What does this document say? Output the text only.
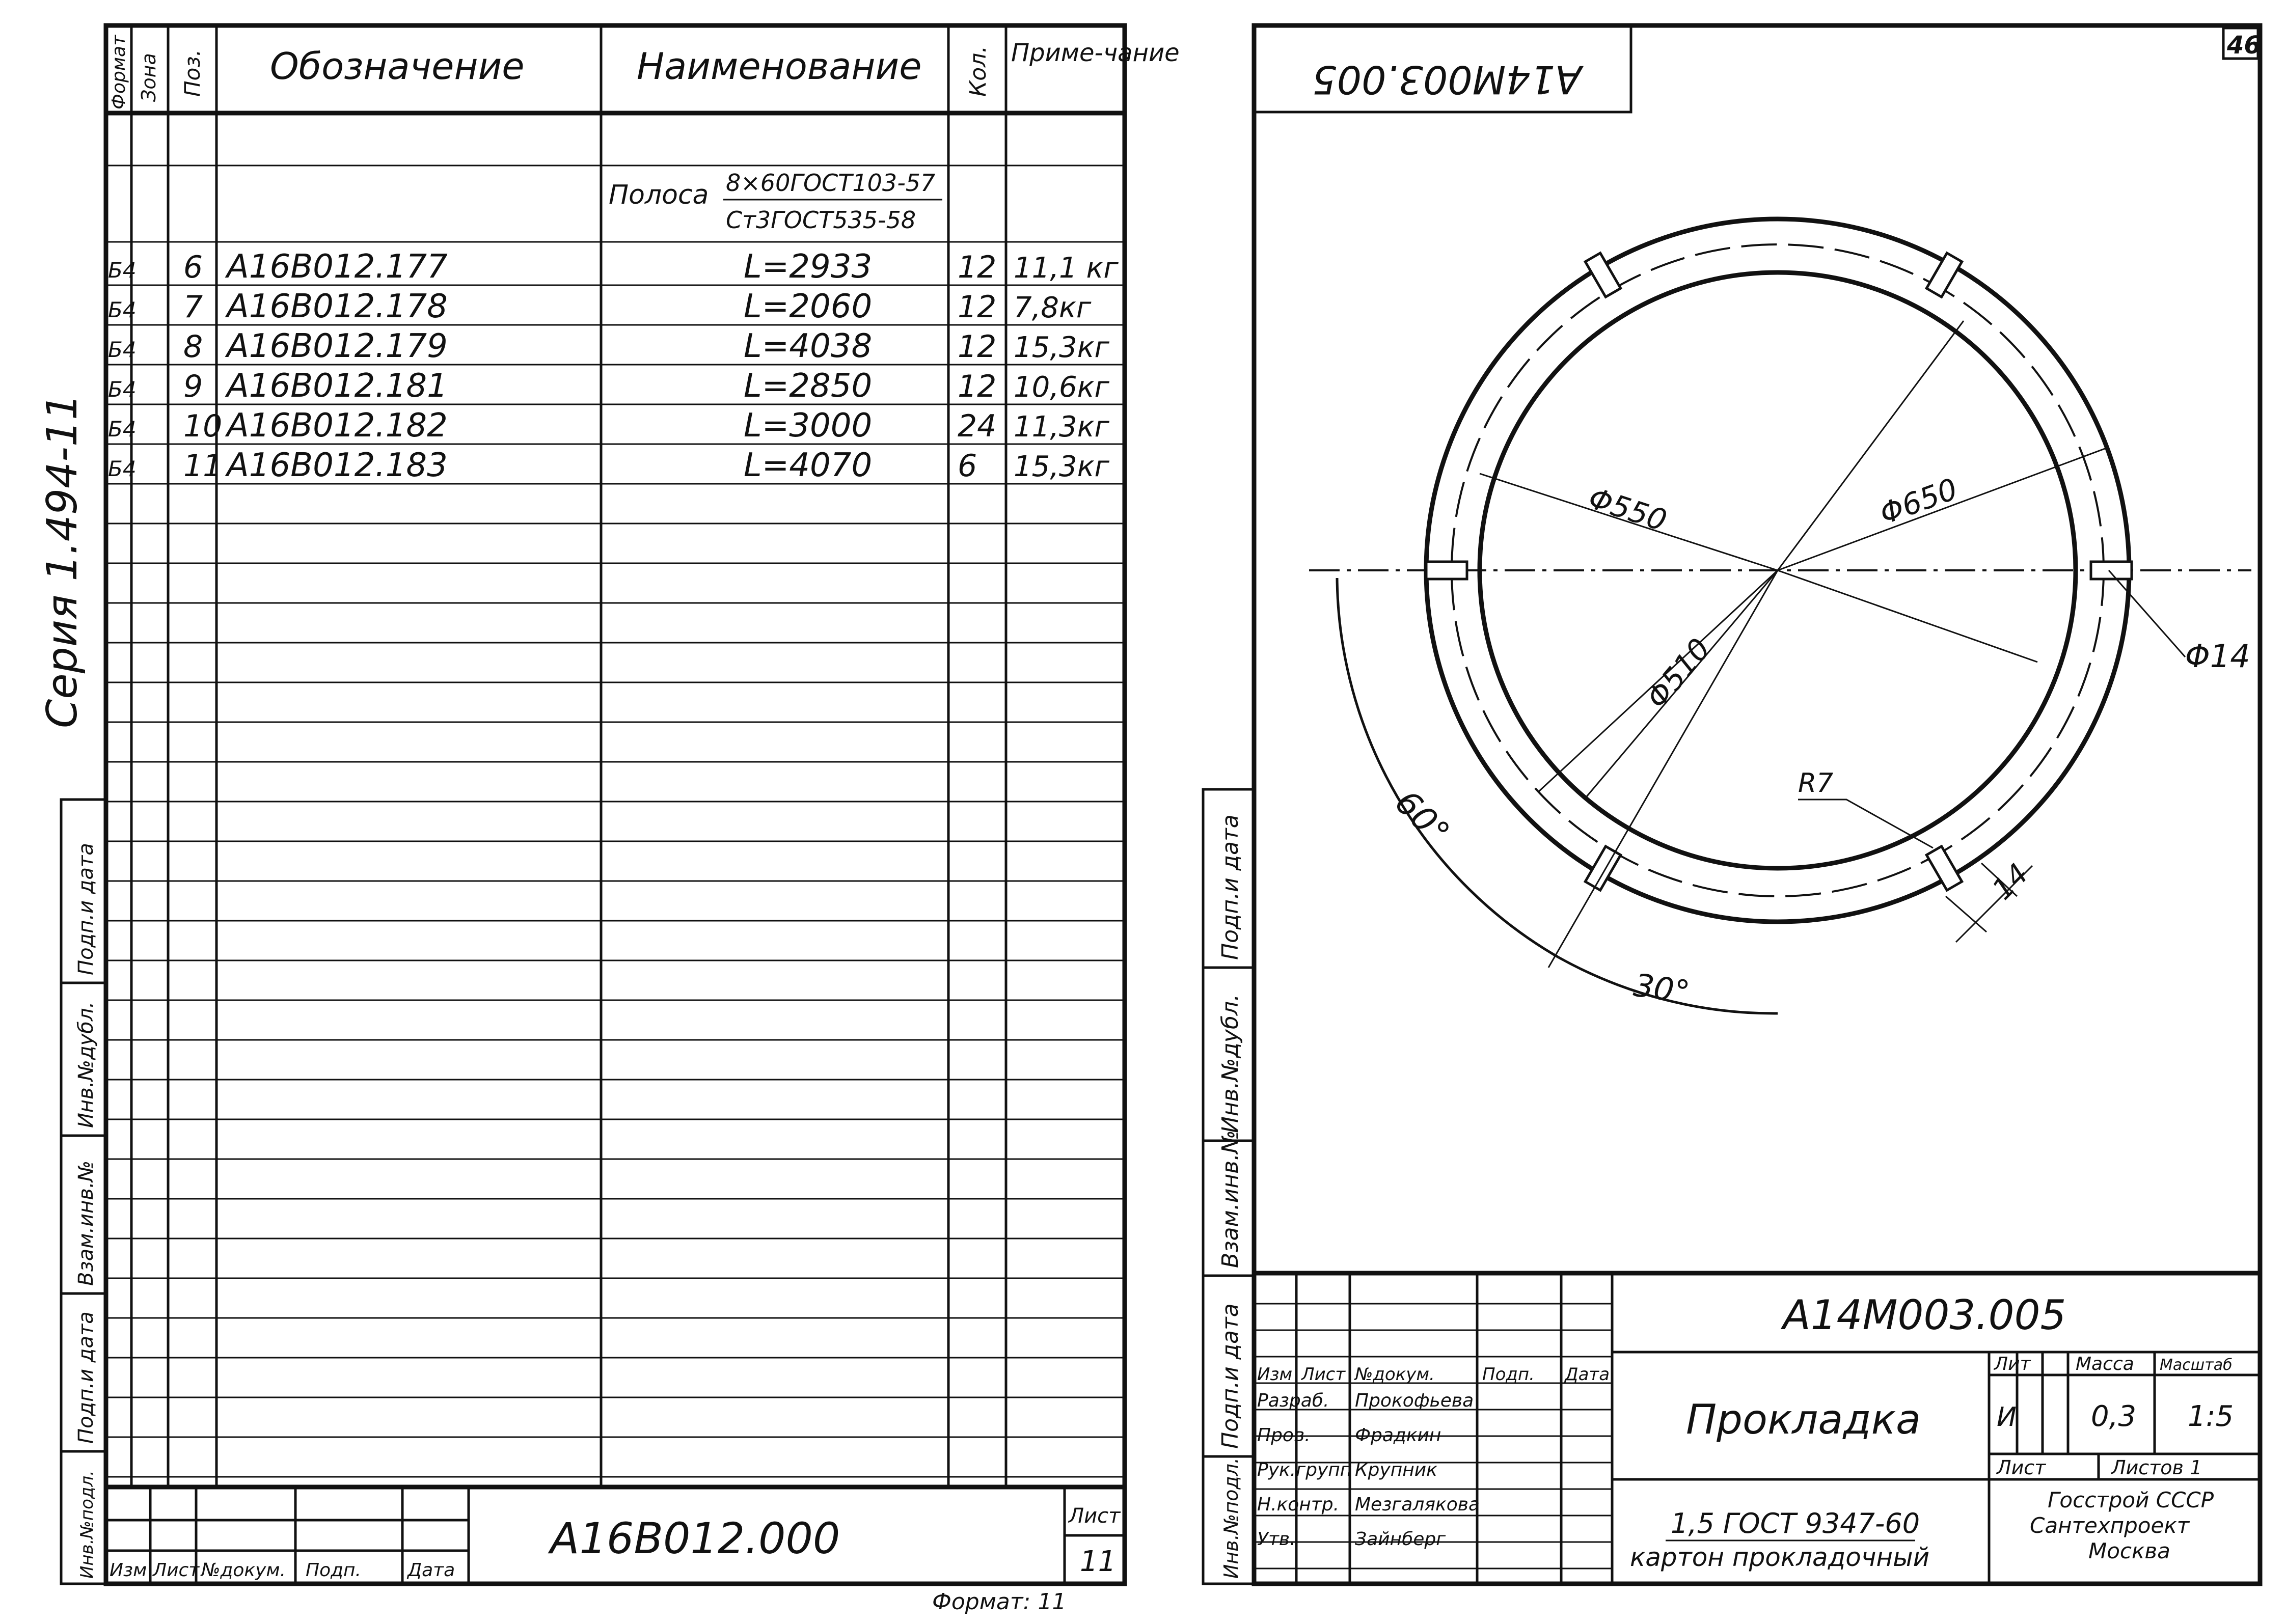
Формат Зона Поз. Обозначение	Наименование Кол. Приме-чание
Полоса 8×60ГОСТ103-57
Ст3ГОСТ535-58
Б4 6 А16В012.177	L=2933	12 11,1 кг
Б4 7 А16В012.178	L=2060	12 7,8кг
Б4 8 А16В012.179	L=4038	12 15,3кг
Б4 9 А16В012.181	L=2850	12 10,6кг
Б4 10 А16В012.182	L=3000	24 11,3кг
Б4 11 А16В012.183	L=4070	6 15,3кг
Серия 1.494-11
Подп.и дата
Инв.№дубл.
Взам.инв.№
Подп.и дата
Инв.№подл.	А16В012.000	Лист
11
Изм Лист №докум. Подп.	Дата
Формат: 11
46
А14М003.005
Φ550	Φ650
Φ510	Φ14
R7
14
60°
30°
Подп.и дата
Инв.№дубл.
Взам.инв.№
Подп.и дата
Инв.№подл.
А14М003.005
Прокладка
1,5 ГОСТ 9347-60
картон прокладочный
Лит
И
Масса
0,3
Масштаб
1:5
Лист	Листов 1
Госстрой СССР
Сантехпроект
Москва
Изм Лист №докум.	Подп. Дата
Разраб. Прокофьева
Пров. Фрадкин
Рук.групп Крупник
Н.контр. Мезгалякова
Утв.	Зайнберг
